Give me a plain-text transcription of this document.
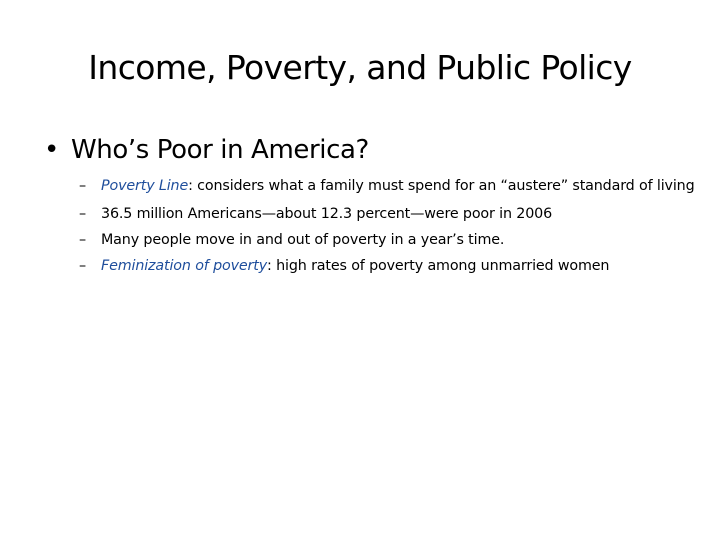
Income, Poverty, and Public Policy
• Who’s Poor in America?
– Poverty Line: considers what a family must spend for an “austere” standard of living
– 36.5 million Americans—about 12.3 percent—were poor in 2006
– Many people move in and out of poverty in a year’s time.
– Feminization of poverty: high rates of poverty among unmarried women
